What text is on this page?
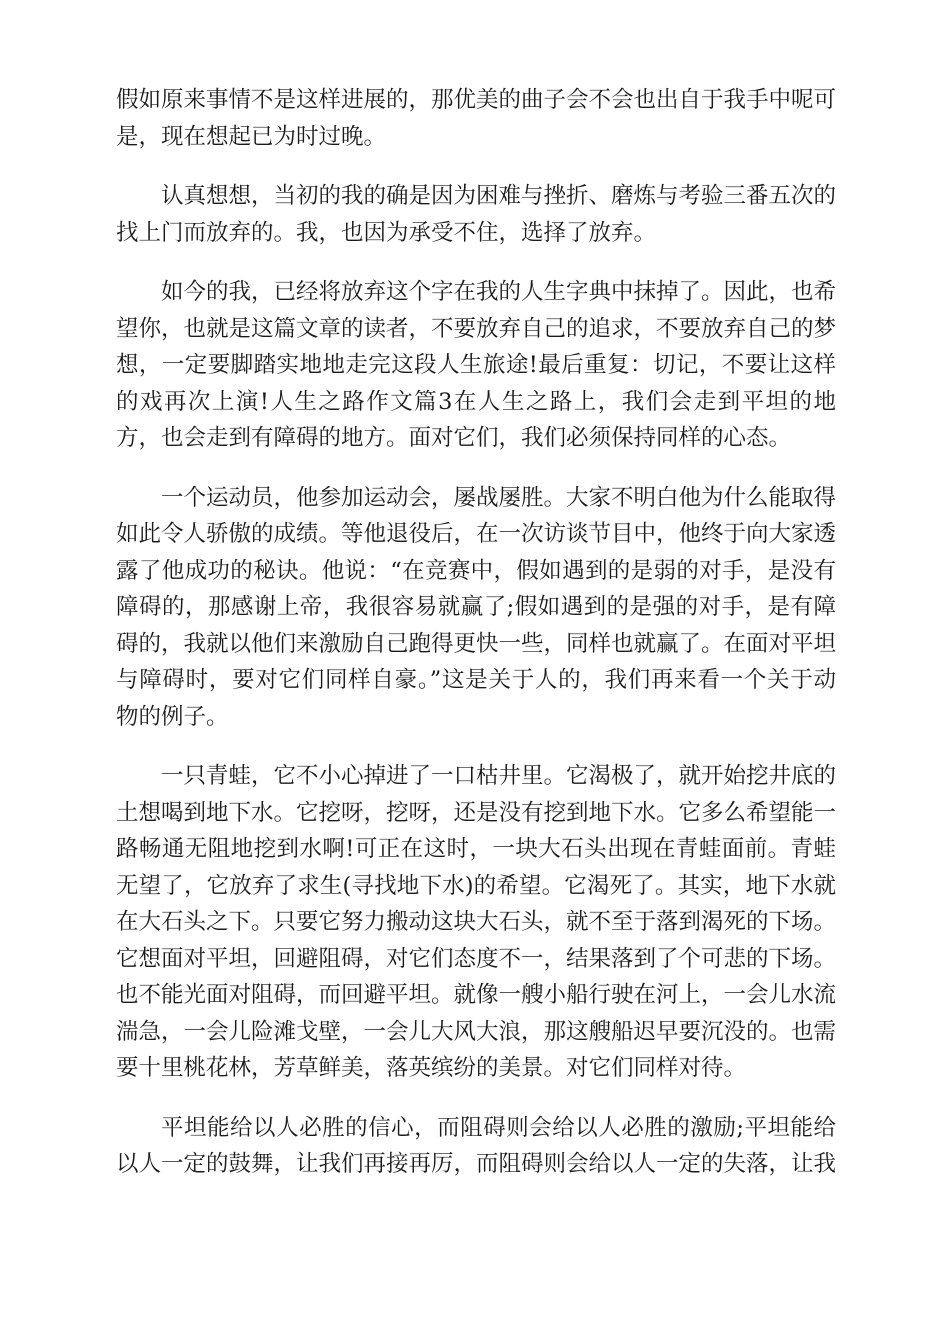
假如原来事情不是这样进展的，那优美的曲子会不会也出自于我手中呢可是，现在想起已为时过晚。

认真想想，当初的我的确是因为困难与挫折、磨炼与考验三番五次的找上门而放弃的。我，也因为承受不住，选择了放弃。

如今的我，已经将放弃这个字在我的人生字典中抹掉了。因此，也希望你，也就是这篇文章的读者，不要放弃自己的追求，不要放弃自己的梦想，一定要脚踏实地地走完这段人生旅途!最后重复：切记，不要让这样的戏再次上演!人生之路作文篇3在人生之路上，我们会走到平坦的地方，也会走到有障碍的地方。面对它们，我们必须保持同样的心态。

一个运动员，他参加运动会，屡战屡胜。大家不明白他为什么能取得如此令人骄傲的成绩。等他退役后，在一次访谈节目中，他终于向大家透露了他成功的秘诀。他说：“在竞赛中，假如遇到的是弱的对手，是没有障碍的，那感谢上帝，我很容易就赢了;假如遇到的是强的对手，是有障碍的，我就以他们来激励自己跑得更快一些，同样也就赢了。在面对平坦与障碍时，要对它们同样自豪。”这是关于人的，我们再来看一个关于动物的例子。

一只青蛙，它不小心掉进了一口枯井里。它渴极了，就开始挖井底的土想喝到地下水。它挖呀，挖呀，还是没有挖到地下水。它多么希望能一路畅通无阻地挖到水啊!可正在这时，一块大石头出现在青蛙面前。青蛙无望了，它放弃了求生(寻找地下水)的希望。它渴死了。其实，地下水就在大石头之下。只要它努力搬动这块大石头，就不至于落到渴死的下场。它想面对平坦，回避阻碍，对它们态度不一，结果落到了个可悲的下场。也不能光面对阻碍，而回避平坦。就像一艘小船行驶在河上，一会儿水流湍急，一会儿险滩戈壁，一会儿大风大浪，那这艘船迟早要沉没的。也需要十里桃花林，芳草鲜美，落英缤纷的美景。对它们同样对待。

平坦能给以人必胜的信心，而阻碍则会给以人必胜的激励;平坦能给以人一定的鼓舞，让我们再接再厉，而阻碍则会给以人一定的失落，让我
